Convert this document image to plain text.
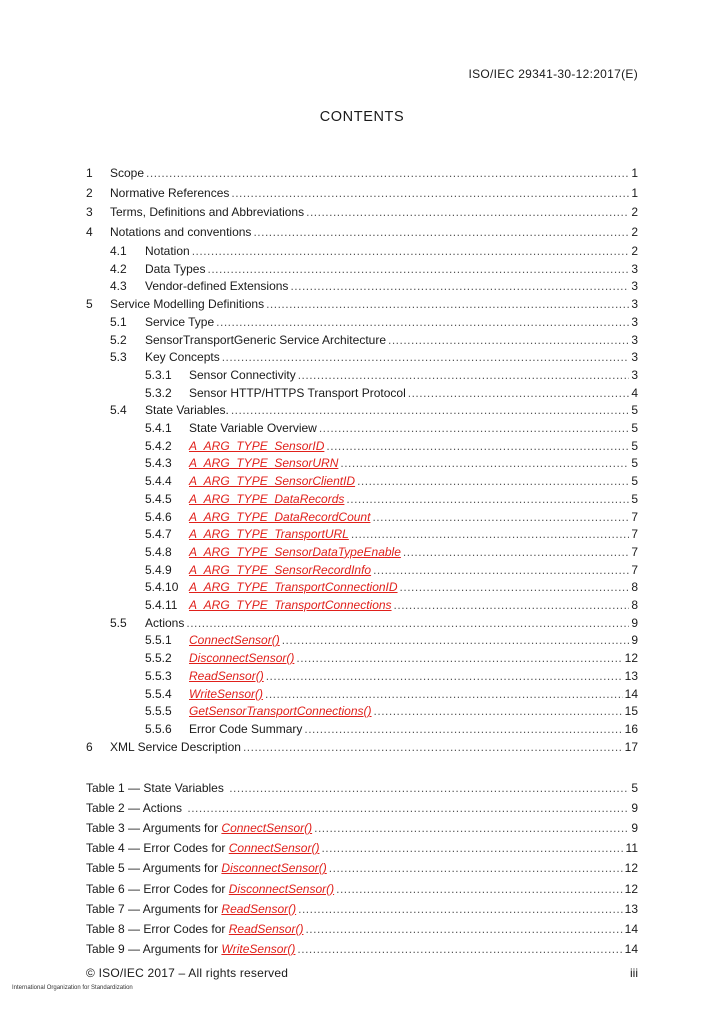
ISO/IEC 29341-30-12:2017(E)
CONTENTS
1 Scope .....	1
2 Normative References .....	1
3 Terms, Definitions and Abbreviations .....	2
4 Notations and conventions .....	2
4.1 Notation .....	2
4.2 Data Types .....	3
4.3 Vendor-defined Extensions .....	3
5 Service Modelling Definitions .....	3
5.1 Service Type .....	3
5.2 SensorTransportGeneric Service Architecture .....	3
5.3 Key Concepts .....	3
5.3.1 Sensor Connectivity .....	3
5.3.2 Sensor HTTP/HTTPS Transport Protocol .....	4
5.4 State Variables. .....	5
5.4.1 State Variable Overview .....	5
5.4.2 A_ARG_TYPE_SensorID .....	5
5.4.3 A_ARG_TYPE_SensorURN .....	5
5.4.4 A_ARG_TYPE_SensorClientID .....	5
5.4.5 A_ARG_TYPE_DataRecords .....	5
5.4.6 A_ARG_TYPE_DataRecordCount .....	7
5.4.7 A_ARG_TYPE_TransportURL .....	7
5.4.8 A_ARG_TYPE_SensorDataTypeEnable .....	7
5.4.9 A_ARG_TYPE_SensorRecordInfo .....	7
5.4.10 A_ARG_TYPE_TransportConnectionID .....	8
5.4.11 A_ARG_TYPE_TransportConnections .....	8
5.5 Actions .....	9
5.5.1 ConnectSensor() .....	9
5.5.2 DisconnectSensor() .....	12
5.5.3 ReadSensor() .....	13
5.5.4 WriteSensor() .....	14
5.5.5 GetSensorTransportConnections() .....	15
5.5.6 Error Code Summary .....	16
6 XML Service Description .....	17
Table 1 — State Variables .....	5
Table 2 — Actions .....	9
Table 3 — Arguments for ConnectSensor() .....	9
Table 4 — Error Codes for ConnectSensor() .....	11
Table 5 — Arguments for DisconnectSensor() .....	12
Table 6 — Error Codes for DisconnectSensor() .....	12
Table 7 — Arguments for ReadSensor() .....	13
Table 8 — Error Codes for ReadSensor() .....	14
Table 9 — Arguments for WriteSensor() .....	14
© ISO/IEC 2017 – All rights reserved	iii
International Organization for Standardization
